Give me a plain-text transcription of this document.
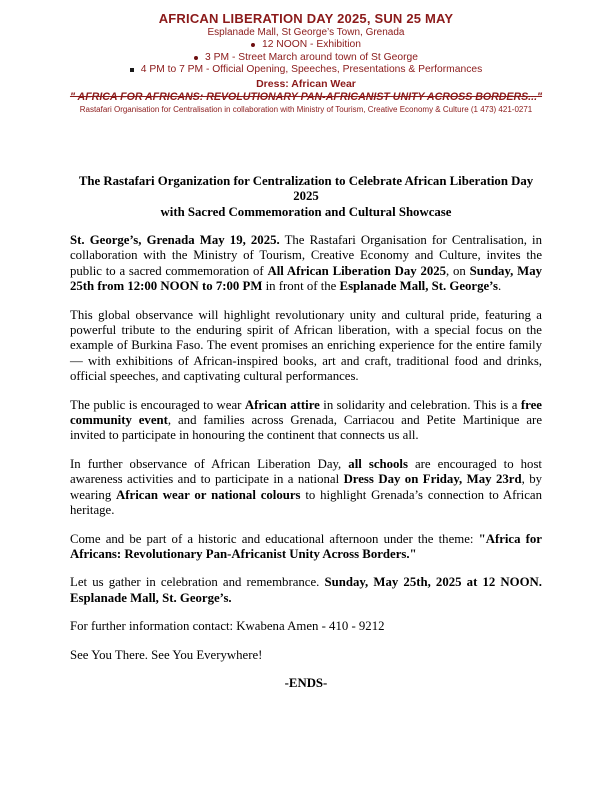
AFRICAN LIBERATION DAY 2025, SUN 25 MAY
Esplanade Mall, St George’s Town, Grenada
12 NOON - Exhibition
3 PM - Street March around town of St George
4 PM to 7 PM - Official Opening, Speeches, Presentations & Performances
Dress: African Wear
" AFRICA FOR AFRICANS: REVOLUTIONARY PAN-AFRICANIST UNITY ACROSS BORDERS..."
Rastafari Organisation for Centralisation in collaboration with Ministry of Tourism, Creative Economy & Culture (1 473) 421-0271
The Rastafari Organization for Centralization to Celebrate African Liberation Day 2025
with Sacred Commemoration and Cultural Showcase

St. George’s, Grenada May 19, 2025. The Rastafari Organisation for Centralisation, in collaboration with the Ministry of Tourism, Creative Economy and Culture, invites the public to a sacred commemoration of All African Liberation Day 2025, on Sunday, May 25th from 12:00 NOON to 7:00 PM in front of the Esplanade Mall, St. George’s.

This global observance will highlight revolutionary unity and cultural pride, featuring a powerful tribute to the enduring spirit of African liberation, with a special focus on the example of Burkina Faso. The event promises an enriching experience for the entire family — with exhibitions of African-inspired books, art and craft, traditional food and drinks, official speeches, and captivating cultural performances.

The public is encouraged to wear African attire in solidarity and celebration. This is a free community event, and families across Grenada, Carriacou and Petite Martinique are invited to participate in honouring the continent that connects us all.

In further observance of African Liberation Day, all schools are encouraged to host awareness activities and to participate in a national Dress Day on Friday, May 23rd, by wearing African wear or national colours to highlight Grenada’s connection to African heritage.

Come and be part of a historic and educational afternoon under the theme: "Africa for Africans: Revolutionary Pan-Africanist Unity Across Borders."

Let us gather in celebration and remembrance. Sunday, May 25th, 2025 at 12 NOON. Esplanade Mall, St. George’s.

For further information contact: Kwabena Amen - 410 - 9212

See You There. See You Everywhere!

-ENDS-
